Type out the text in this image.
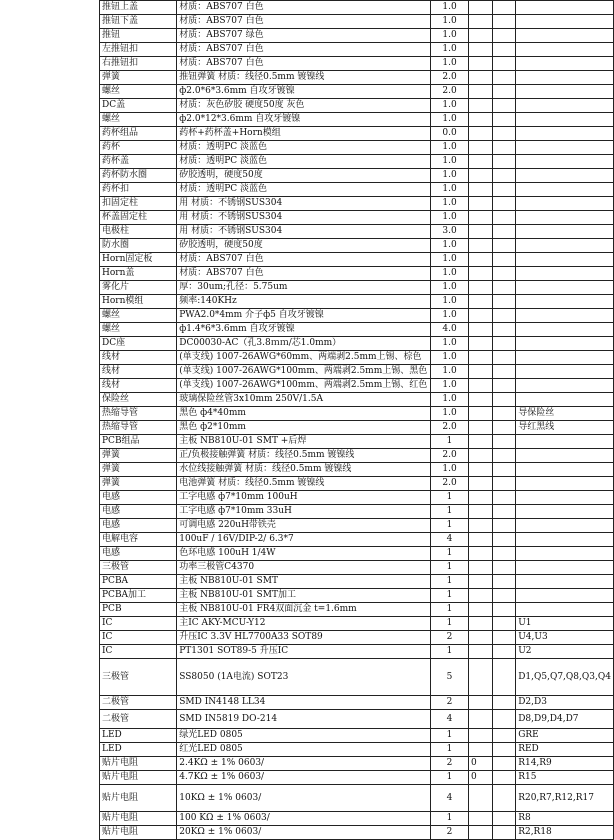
推钮上盖	材质：ABS707 白色	1.0			
推钮下盖	材质：ABS707 白色	1.0			
推钮	材质：ABS707 绿色	1.0			
左推钮扣	材质：ABS707 白色	1.0			
右推钮扣	材质：ABS707 白色	1.0			
弹簧	推钮弹簧 材质：线径0.5mm 镀镍线	2.0			
螺丝	ф2.0*6*3.6mm 自攻牙镀镍	2.0			
DC盖	材质：灰色矽胶 硬度50度 灰色	1.0			
螺丝	ф2.0*12*3.6mm 自攻牙镀镍	1.0			
药杯组品	药杯+药杯盖+Horn模组	0.0			
药杯	材质：透明PC 淡蓝色	1.0			
药杯盖	材质：透明PC 淡蓝色	1.0			
药杯防水圈	矽胶透明，硬度50度	1.0			
药杯扣	材质：透明PC 淡蓝色	1.0			
扣固定柱	用 材质：不锈钢SUS304	1.0			
杯盖固定柱	用 材质：不锈钢SUS304	1.0			
电极柱	用 材质：不锈钢SUS304	3.0			
防水圈	矽胶透明，硬度50度	1.0			
Horn固定板	材质：ABS707 白色	1.0			
Horn盖	材质：ABS707 白色	1.0			
雾化片	厚：30um;孔径：5.75um	1.0			
Horn模组	频率:140KHz	1.0			
螺丝	PWA2.0*4mm 介子ф5 自攻牙镀镍	1.0			
螺丝	ф1.4*6*3.6mm 自攻牙镀镍	4.0			
DC座	DC00030-AC（孔3.8ｍｍ/芯1.0mm）	1.0			
线材	(单支线) 1007-26AWG*60mm、两端剥2.5mm上锡、棕色	1.0			
线材	(单支线) 1007-26AWG*100mm、两端剥2.5mm上锡、黑色	1.0			
线材	(单支线) 1007-26AWG*100mm、两端剥2.5mm上锡、红色	1.0			
保险丝	玻璃保险丝管3x10mm 250V/1.5A	1.0			
热缩导管	黑色 ф4*40mm	1.0			导保险丝
热缩导管	黑色 ф2*10mm	2.0			导红黑线
PCB组品	主板 NB810U-01 SMT +后焊	1			
弹簧	正/负极接触弹簧 材质：线径0.5mm 镀镍线	2.0			
弹簧	水位线接触弹簧 材质：线径0.5mm 镀镍线	1.0			
弹簧	电池弹簧 材质：线径0.5mm 镀镍线	2.0			
电感	工字电感 ф7*10mm 100uH	1			
电感	工字电感 ф7*10mm 33uH	1			
电感	可调电感 220uH带铁壳	1			
电解电容	100uF / 16V/DIP-2/ 6.3*7	4			
电感	色环电感 100uH 1/4W	1			
三极管	功率三极管C4370	1			
PCBA	主板 NB810U-01 SMT	1			
PCBA加工	主板 NB810U-01 SMT加工	1			
PCB	主板 NB810U-01 FR4双面沉金 t=1.6mm	1			
IC	主IC AKY-MCU-Y12	1			U1
IC	升压IC 3.3V HL7700A33 SOT89	2			U4,U3
IC	PT1301 SOT89-5 升压IC	1			U2
三极管	SS8050 (1A电流) SOT23	5			D1,Q5,Q7,Q8,Q3,Q4
二极管	SMD IN4148 LL34	2			D2,D3
二极管	SMD IN5819 DO-214	4			D8,D9,D4,D7
LED	绿光LED 0805	1			GRE
LED	红光LED 0805	1			RED
贴片电阻	2.4KΩ ± 1% 0603/	2	0		R14,R9
贴片电阻	4.7KΩ ± 1% 0603/	1	0		R15
贴片电阻	10KΩ ± 1% 0603/	4			R20,R7,R12,R17
贴片电阻	100 KΩ ± 1% 0603/	1			R8
贴片电阻	20KΩ ± 1% 0603/	2			R2,R18
